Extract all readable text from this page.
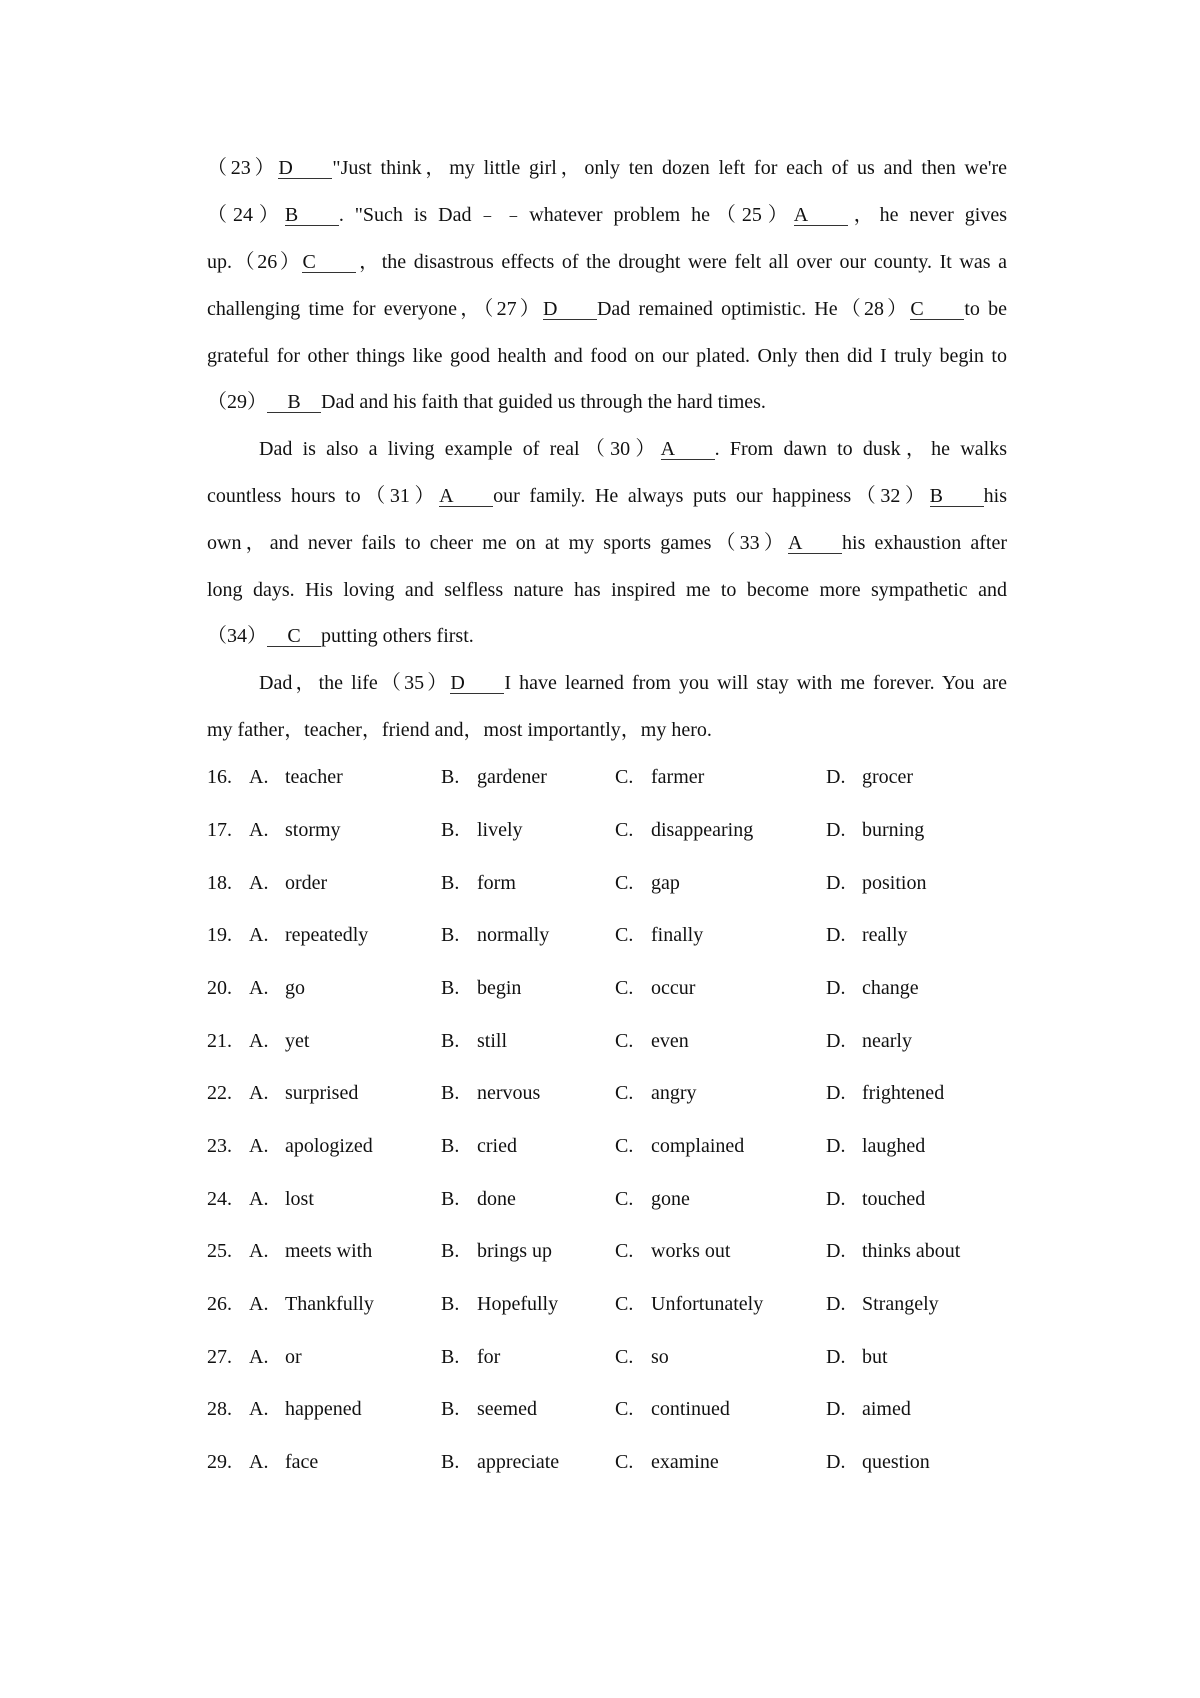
（23）D "Just think，my little girl，only ten dozen left for each of us and then we're
（24）B . "Such is Dad﹣﹣whatever problem he（25）A ，he never gives
up.（26）C ，the disastrous effects of the drought were felt all over our county. It was a
challenging time for everyone，（27）D Dad remained optimistic. He（28）C to be
grateful for other things like good health and food on our plated. Only then did I truly begin to
（29） B Dad and his faith that guided us through the hard times.
Dad is also a living example of real（30）A . From dawn to dusk，he walks
countless hours to（31）A our family. He always puts our happiness（32）B his
own，and never fails to cheer me on at my sports games（33）A his exhaustion after
long days. His loving and selfless nature has inspired me to become more sympathetic and
（34） C putting others first.
Dad，the life（35）D I have learned from you will stay with me forever. You are
my father，teacher，friend and，most importantly，my hero.
16. A. teacher	B. gardener	C. farmer	D. grocer
17. A. stormy	B. lively	C. disappearing	D. burning
18. A. order	B. form	C. gap	D. position
19. A. repeatedly	B. normally	C. finally	D. really
20. A. go	B. begin	C. occur	D. change
21. A. yet	B. still	C. even	D. nearly
22. A. surprised	B. nervous	C. angry	D. frightened
23. A. apologized	B. cried	C. complained	D. laughed
24. A. lost	B. done	C. gone	D. touched
25. A. meets with	B. brings up	C. works out	D. thinks about
26. A. Thankfully	B. Hopefully	C. Unfortunately	D. Strangely
27. A. or	B. for	C. so	D. but
28. A. happened	B. seemed	C. continued	D. aimed
29. A. face	B. appreciate	C. examine	D. question
